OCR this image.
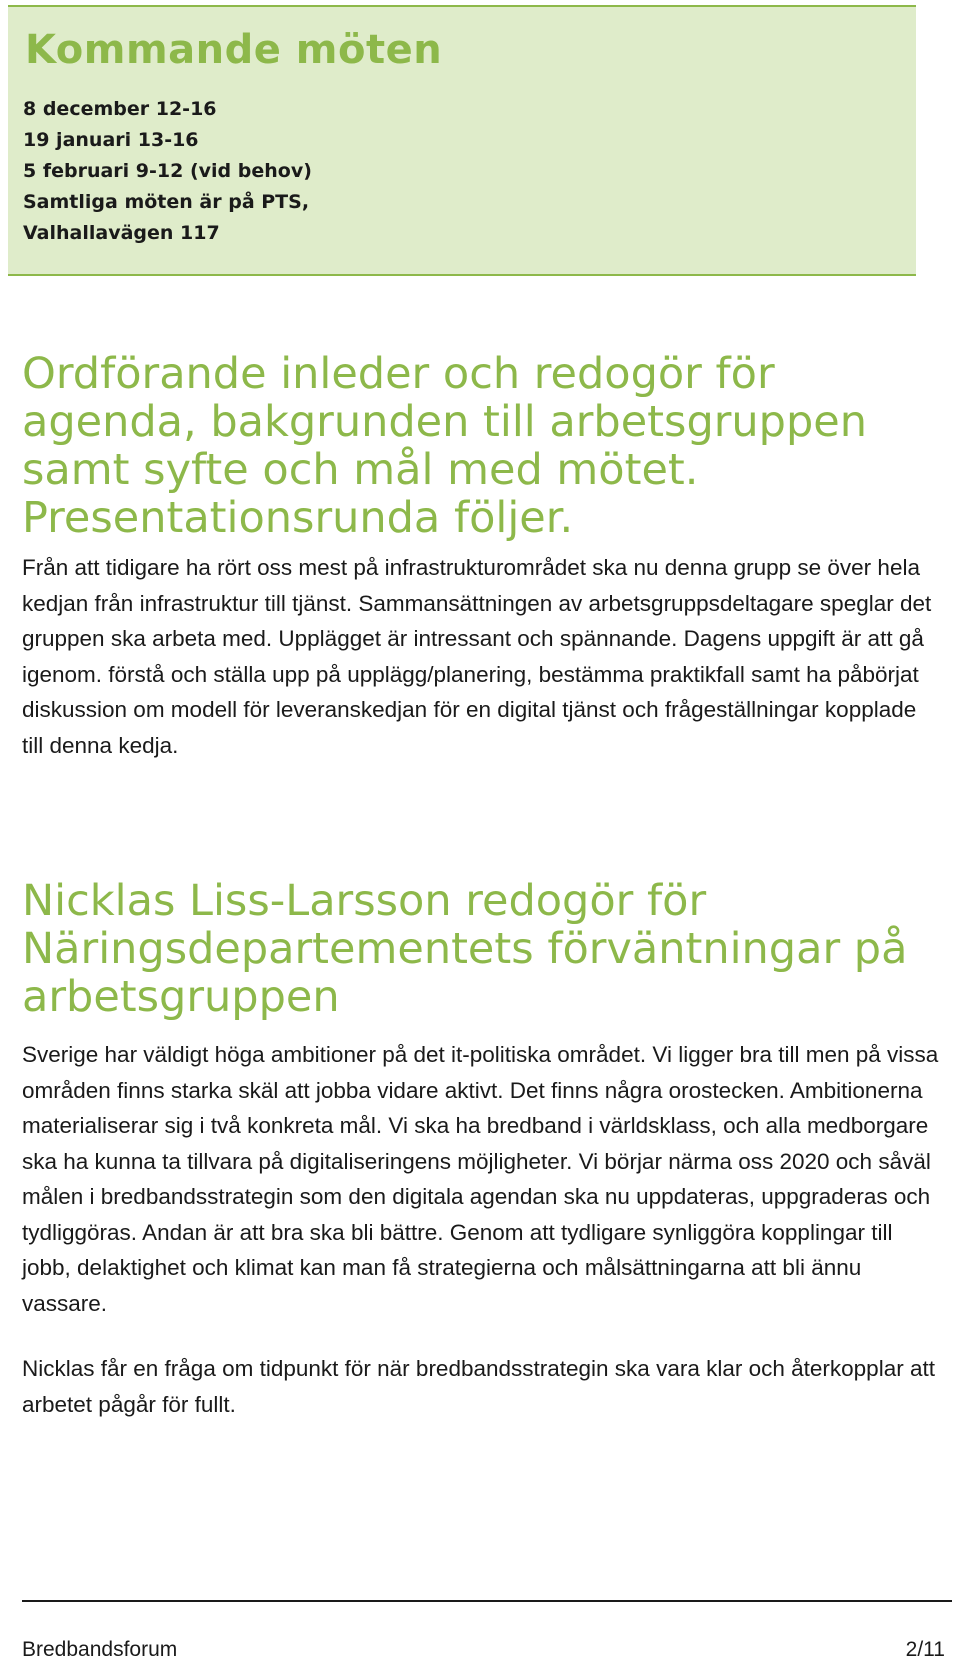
Kommande möten
8 december 12-16
19 januari 13-16
5 februari 9-12 (vid behov)
Samtliga möten är på PTS,
Valhallavägen 117
Ordförande inleder och redogör för agenda, bakgrunden till arbetsgruppen samt syfte och mål med mötet. Presentationsrunda följer.

Från att tidigare ha rört oss mest på infrastrukturområdet ska nu denna grupp se över hela kedjan från infrastruktur till tjänst. Sammansättningen av arbetsgruppsdeltagare speglar det gruppen ska arbeta med. Upplägget är intressant och spännande. Dagens uppgift är att gå igenom. förstå och ställa upp på upplägg/planering, bestämma praktikfall samt ha påbörjat diskussion om modell för leveranskedjan för en digital tjänst och frågeställningar kopplade till denna kedja.

Nicklas Liss-Larsson redogör för Näringsdepartementets förväntningar på arbetsgruppen

Sverige har väldigt höga ambitioner på det it-politiska området. Vi ligger bra till men på vissa områden finns starka skäl att jobba vidare aktivt. Det finns några orostecken. Ambitionerna materialiserar sig i två konkreta mål. Vi ska ha bredband i världsklass, och alla medborgare ska ha kunna ta tillvara på digitaliseringens möjligheter. Vi börjar närma oss 2020 och såväl målen i bredbandsstrategin som den digitala agendan ska nu uppdateras, uppgraderas och tydliggöras. Andan är att bra ska bli bättre. Genom att tydligare synliggöra kopplingar till jobb, delaktighet och klimat kan man få strategierna och målsättningarna att bli ännu vassare.

Nicklas får en fråga om tidpunkt för när bredbandsstrategin ska vara klar och återkopplar att arbetet pågår för fullt.

Bredbandsforum	2/11
